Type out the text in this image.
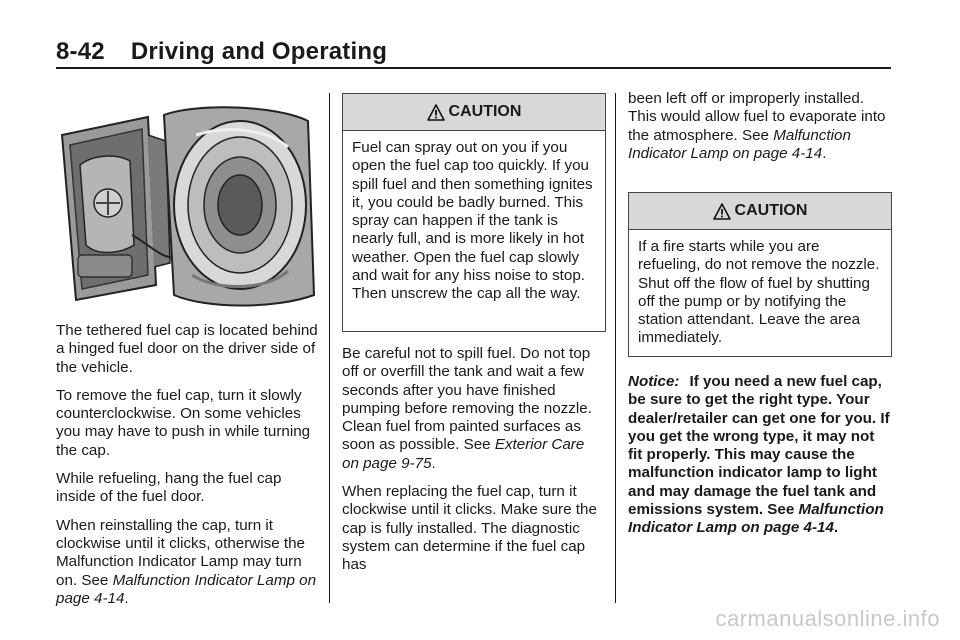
8-42 Driving and Operating

The tethered fuel cap is located behind a hinged fuel door on the driver side of the vehicle.

To remove the fuel cap, turn it slowly counterclockwise. On some vehicles you may have to push in while turning the cap.

While refueling, hang the fuel cap inside of the fuel door.

When reinstalling the cap, turn it clockwise until it clicks, otherwise the Malfunction Indicator Lamp may turn on. See Malfunction Indicator Lamp on page 4-14.

CAUTION
Fuel can spray out on you if you open the fuel cap too quickly. If you spill fuel and then something ignites it, you could be badly burned. This spray can happen if the tank is nearly full, and is more likely in hot weather. Open the fuel cap slowly and wait for any hiss noise to stop. Then unscrew the cap all the way.

Be careful not to spill fuel. Do not top off or overfill the tank and wait a few seconds after you have finished pumping before removing the nozzle. Clean fuel from painted surfaces as soon as possible. See Exterior Care on page 9-75.

When replacing the fuel cap, turn it clockwise until it clicks. Make sure the cap is fully installed. The diagnostic system can determine if the fuel cap has

been left off or improperly installed. This would allow fuel to evaporate into the atmosphere. See Malfunction Indicator Lamp on page 4-14.

CAUTION
If a fire starts while you are refueling, do not remove the nozzle. Shut off the flow of fuel by shutting off the pump or by notifying the station attendant. Leave the area immediately.
Notice: If you need a new fuel cap, be sure to get the right type. Your dealer/retailer can get one for you. If you get the wrong type, it may not fit properly. This may cause the malfunction indicator lamp to light and may damage the fuel tank and emissions system. See Malfunction Indicator Lamp on page 4-14.
carmanualsonline.info
